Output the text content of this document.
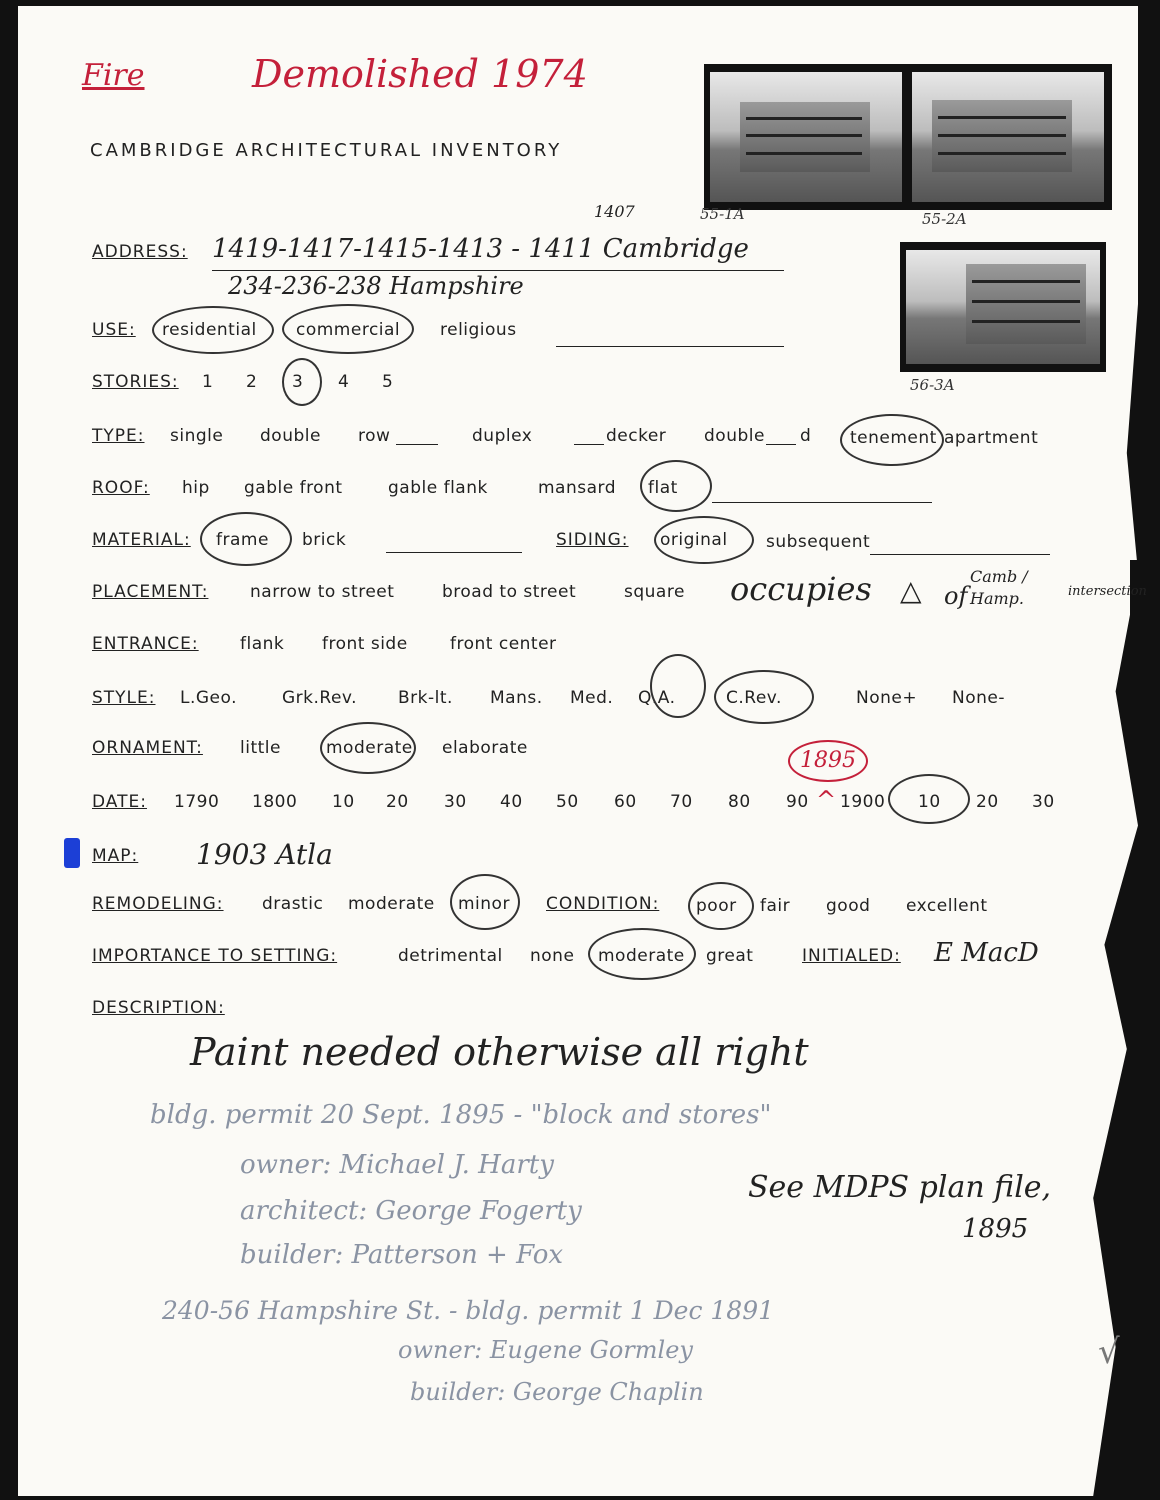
Fire	Demolished 1974
CAMBRIDGE ARCHITECTURAL INVENTORY
55-1A	55-2A
56-3A
ADDRESS:
1407
1419-1417-1415-1413 - 1411 Cambridge
234-236-238 Hampshire
USE: residential commercial religious
STORIES: 1 2 3 4 5
TYPE: single double row	duplex	decker double d tenement apartment
ROOF: hip gable front	gable flank	mansard flat
MATERIAL: frame brick	SIDING: original subsequent
PLACEMENT: narrow to street	broad to street	square occupies △ of
Camb / Hamp.	intersection
ENTRANCE: flank front side front center
STYLE: L.Geo.	Grk.Rev. Brk-lt. Mans. Med. Q.A.	C.Rev.	None+ None-
ORNAMENT: little	moderate elaborate	1895
^
DATE: 1790 1800 10 20 30 40 50 60 70 80 90 1900 10 20 30
MAP: 1903 Atla
REMODELING: drastic moderate minor CONDITION: poor fair good excellent
IMPORTANCE TO SETTING:	detrimental none moderate great	INITIALED: E MacD
DESCRIPTION:
Paint needed otherwise all right
bldg. permit 20 Sept. 1895 - "block and stores"
owner: Michael J. Harty
architect: George Fogerty
builder: Patterson + Fox
See MDPS plan file,
1895
240-56 Hampshire St. - bldg. permit 1 Dec 1891
owner: Eugene Gormley
builder: George Chaplin
√
